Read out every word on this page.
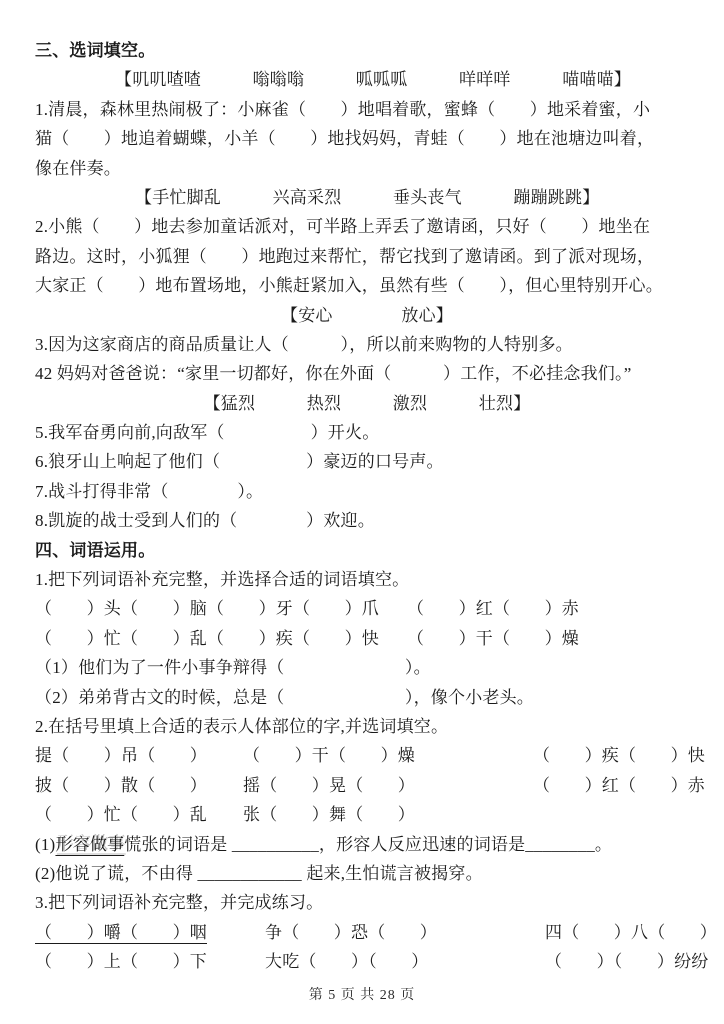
三、选词填空。
【叽叽喳喳　　　嗡嗡嗡　　　呱呱呱　　　咩咩咩　　　喵喵喵】
1.清晨，森林里热闹极了：小麻雀（　　）地唱着歌，蜜蜂（　　）地采着蜜，小
猫（　　）地追着蝴蝶，小羊（　　）地找妈妈，青蛙（　　）地在池塘边叫着，
像在伴奏。
【手忙脚乱　　　兴高采烈　　　垂头丧气　　　蹦蹦跳跳】
2.小熊（　　）地去参加童话派对，可半路上弄丢了邀请函，只好（　　）地坐在
路边。这时，小狐狸（　　）地跑过来帮忙，帮它找到了邀请函。到了派对现场，
大家正（　　）地布置场地，小熊赶紧加入，虽然有些（　　），但心里特别开心。
【安心　　　　放心】
3.因为这家商店的商品质量让人（　　　），所以前来购物的人特别多。
42 妈妈对爸爸说：“家里一切都好，你在外面（　　　）工作，不必挂念我们。”
【猛烈　　　热烈　　　激烈　　　壮烈】
5.我军奋勇向前,向敌军（　　　　　）开火。
6.狼牙山上响起了他们（　　　　　）豪迈的口号声。
7.战斗打得非常（　　　　）。
8.凯旋的战士受到人们的（　　　　）欢迎。
四、词语运用。
1.把下列词语补充完整，并选择合适的词语填空。
（　　）头（　　）脑 （　　）牙（　　）爪	（　　）红（　　）赤
（　　）忙（　　）乱 （　　）疾（　　）快	（　　）干（　　）燥
（1）他们为了一件小事争辩得（　　　　　　　）。
（2）弟弟背古文的时候，总是（　　　　　　　），像个小老头。
2.在括号里填上合适的表示人体部位的字,并选词填空。
提（　　）吊（　　）	（　　）干（　　）燥	（　　）疾（　　）快
披（　　）散（　　）	摇（　　）晃（　　）	（　　）红（　　）赤
（　　）忙（　　）乱	张（　　）舞（　　）
(1)形容做事慌张的词语是 __________，形容人反应迅速的词语是________。
(2)他说了谎，不由得 ____________ 起来,生怕谎言被揭穿。
3.把下列词语补充完整，并完成练习。
（　　）嚼（　　）咽	争（　　）恐（　　）	四（　　）八（　　）
（　　）上（　　）下	大吃（　　）（　　）	（　　）（　　）纷纷
第 5 页 共 28 页
